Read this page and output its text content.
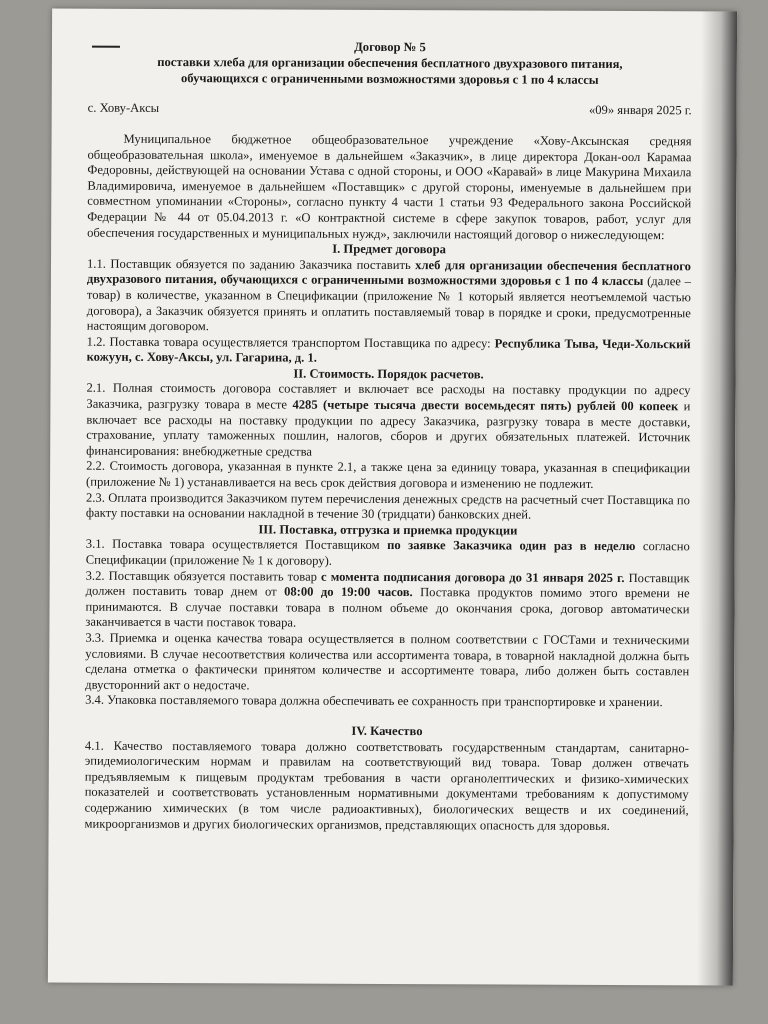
Договор № 5
поставки хлеба для организации обеспечения бесплатного двухразового питания,
обучающихся с ограниченными возможностями здоровья с 1 по 4 классы
с. Хову-Аксы	«09» января 2025 г.

Муниципальное бюджетное общеобразовательное учреждение «Хову-Аксынская средняя общеобразовательная школа», именуемое в дальнейшем «Заказчик», в лице директора Докан-оол Карамаа Федоровны, действующей на основании Устава с одной стороны, и ООО «Каравай» в лице Макурина Михаила Владимировича, именуемое в дальнейшем «Поставщик» с другой стороны, именуемые в дальнейшем при совместном упоминании «Стороны», согласно пункту 4 части 1 статьи 93 Федерального закона Российской Федерации № 44 от 05.04.2013 г. «О контрактной системе в сфере закупок товаров, работ, услуг для обеспечения государственных и муниципальных нужд», заключили настоящий договор о нижеследующем:

I. Предмет договора

1.1. Поставщик обязуется по заданию Заказчика поставить хлеб для организации обеспечения бесплатного двухразового питания, обучающихся с ограниченными возможностями здоровья с 1 по 4 классы (далее – товар) в количестве, указанном в Спецификации (приложение № 1 который является неотъемлемой частью договора), а Заказчик обязуется принять и оплатить поставляемый товар в порядке и сроки, предусмотренные настоящим договором.

1.2. Поставка товара осуществляется транспортом Поставщика по адресу: Республика Тыва, Чеди-Хольский кожуун, с. Хову-Аксы, ул. Гагарина, д. 1.

II. Стоимость. Порядок расчетов.

2.1. Полная стоимость договора составляет и включает все расходы на поставку продукции по адресу Заказчика, разгрузку товара в месте 4285 (четыре тысяча двести восемьдесят пять) рублей 00 копеек и включает все расходы на поставку продукции по адресу Заказчика, разгрузку товара в месте доставки, страхование, уплату таможенных пошлин, налогов, сборов и других обязательных платежей. Источник финансирования: внебюджетные средства

2.2. Стоимость договора, указанная в пункте 2.1, а также цена за единицу товара, указанная в спецификации (приложение № 1) устанавливается на весь срок действия договора и изменению не подлежит.

2.3. Оплата производится Заказчиком путем перечисления денежных средств на расчетный счет Поставщика по факту поставки на основании накладной в течение 30 (тридцати) банковских дней.

III. Поставка, отгрузка и приемка продукции

3.1. Поставка товара осуществляется Поставщиком по заявке Заказчика один раз в неделю согласно Спецификации (приложение № 1 к договору).

3.2. Поставщик обязуется поставить товар с момента подписания договора до 31 января 2025 г. Поставщик должен поставить товар днем от 08:00 до 19:00 часов. Поставка продуктов помимо этого времени не принимаются. В случае поставки товара в полном объеме до окончания срока, договор автоматически заканчивается в части поставок товара.

3.3. Приемка и оценка качества товара осуществляется в полном соответствии с ГОСТами и техническими условиями. В случае несоответствия количества или ассортимента товара, в товарной накладной должна быть сделана отметка о фактически принятом количестве и ассортименте товара, либо должен быть составлен двусторонний акт о недостаче.

3.4. Упаковка поставляемого товара должна обеспечивать ее сохранность при транспортировке и хранении.

IV. Качество

4.1. Качество поставляемого товара должно соответствовать государственным стандартам, санитарно-эпидемиологическим нормам и правилам на соответствующий вид товара. Товар должен отвечать предъявляемым к пищевым продуктам требования в части органолептических и физико-химических показателей и соответствовать установленным нормативными документами требованиям к допустимому содержанию химических (в том числе радиоактивных), биологических веществ и их соединений, микроорганизмов и других биологических организмов, представляющих опасность для здоровья.
